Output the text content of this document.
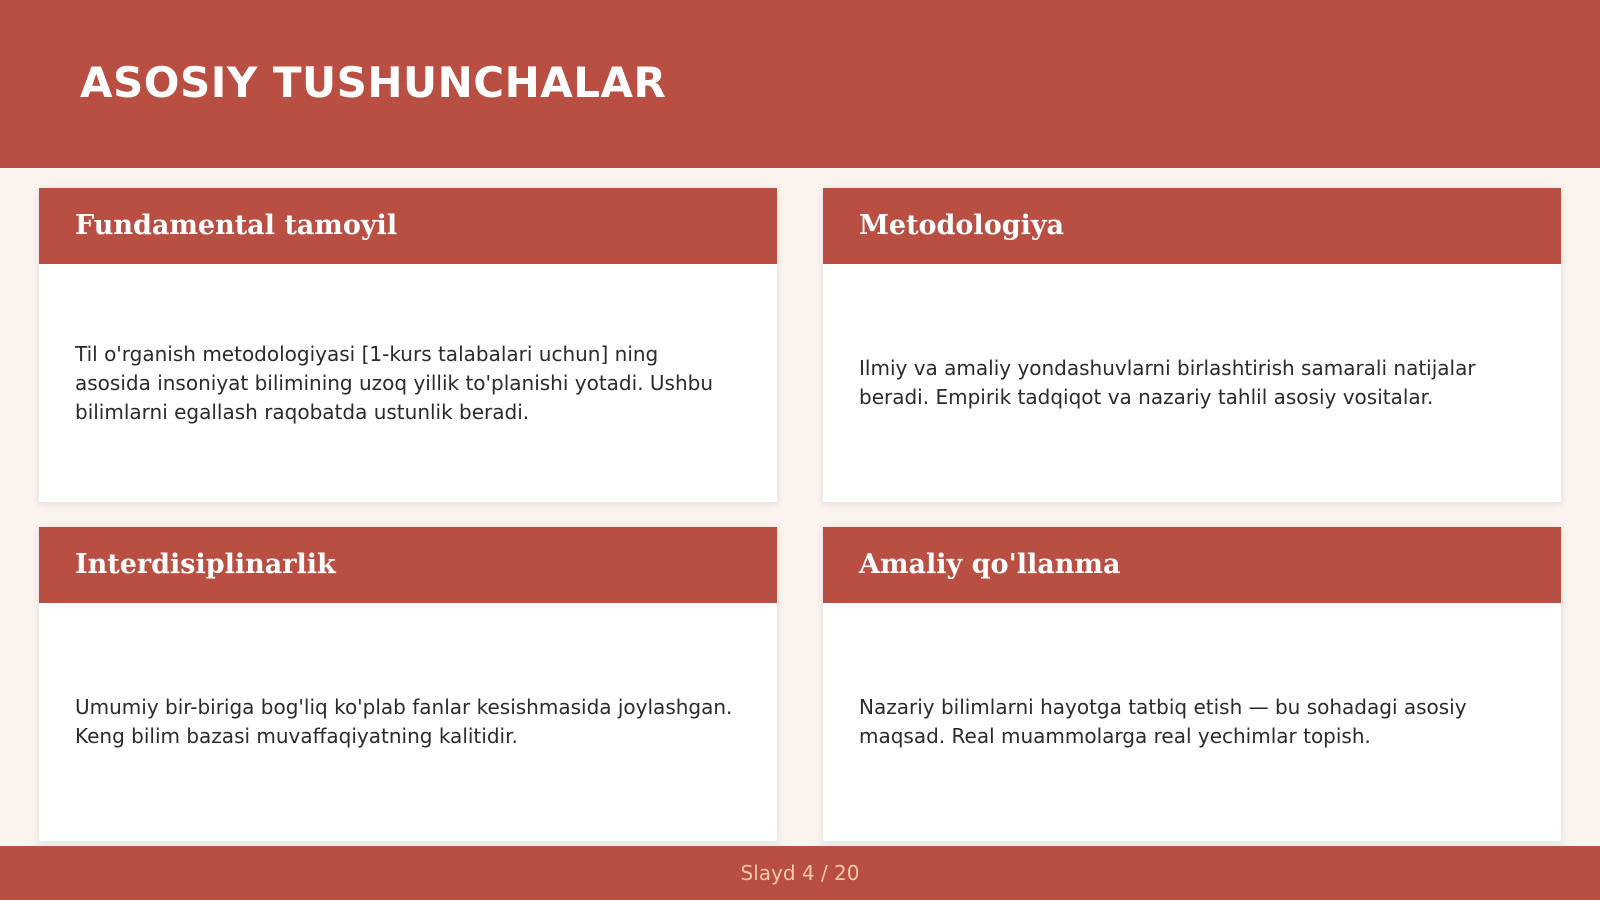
ASOSIY TUSHUNCHALAR
Fundamental tamoyil

Til o'rganish metodologiyasi [1-kurs talabalari uchun] ning asosida insoniyat bilimining uzoq yillik to'planishi yotadi. Ushbu bilimlarni egallash raqobatda ustunlik beradi.

Metodologiya

Ilmiy va amaliy yondashuvlarni birlashtirish samarali natijalar beradi. Empirik tadqiqot va nazariy tahlil asosiy vositalar.

Interdisiplinarlik

Umumiy bir-biriga bog'liq ko'plab fanlar kesishmasida joylashgan. Keng bilim bazasi muvaffaqiyatning kalitidir.

Amaliy qo'llanma

Nazariy bilimlarni hayotga tatbiq etish — bu sohadagi asosiy maqsad. Real muammolarga real yechimlar topish.

Slayd 4 / 20
